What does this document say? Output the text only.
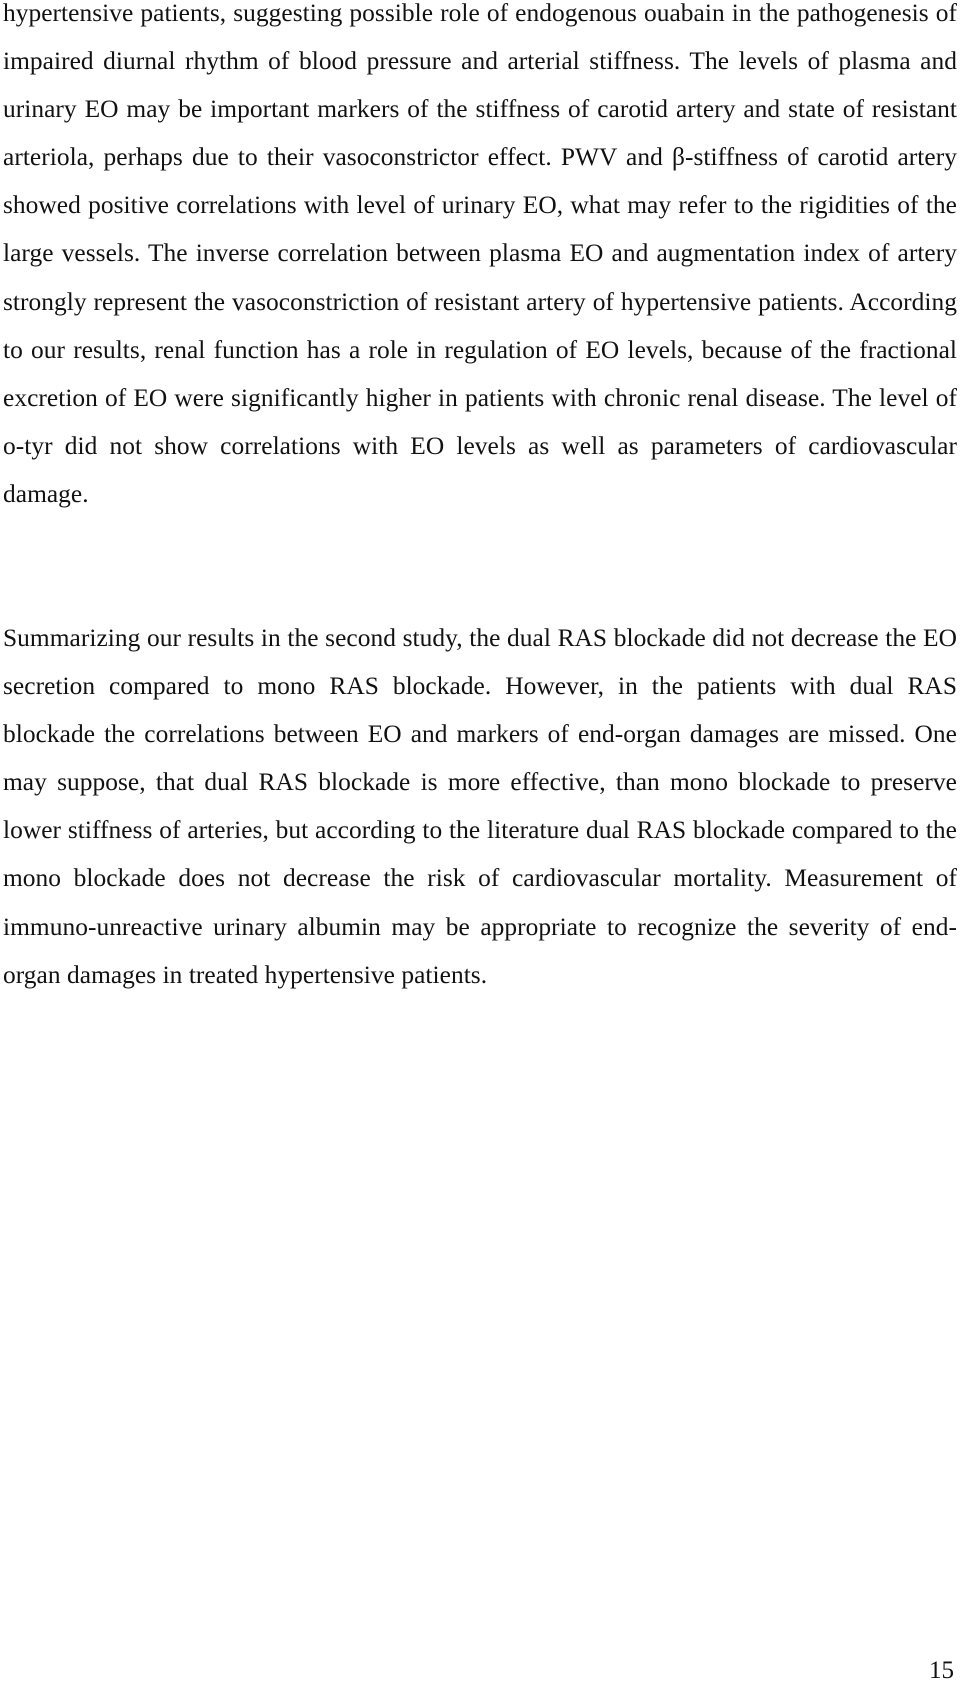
hypertensive patients, suggesting possible role of endogenous ouabain in the pathogenesis of impaired diurnal rhythm of blood pressure and arterial stiffness. The levels of plasma and urinary EO may be important markers of the stiffness of carotid artery and state of resistant arteriola, perhaps due to their vasoconstrictor effect. PWV and β-stiffness of carotid artery showed positive correlations with level of urinary EO, what may refer to the rigidities of the large vessels. The inverse correlation between plasma EO and augmentation index of artery strongly represent the vasoconstriction of resistant artery of hypertensive patients. According to our results, renal function has a role in regulation of EO levels, because of the fractional excretion of EO were significantly higher in patients with chronic renal disease. The level of o-tyr did not show correlations with EO levels as well as parameters of cardiovascular damage.

Summarizing our results in the second study, the dual RAS blockade did not decrease the EO secretion compared to mono RAS blockade. However, in the patients with dual RAS blockade the correlations between EO and markers of end-organ damages are missed. One may suppose, that dual RAS blockade is more effective, than mono blockade to preserve lower stiffness of arteries, but according to the literature dual RAS blockade compared to the mono blockade does not decrease the risk of cardiovascular mortality. Measurement of immuno-unreactive urinary albumin may be appropriate to recognize the severity of end-organ damages in treated hypertensive patients.

15
